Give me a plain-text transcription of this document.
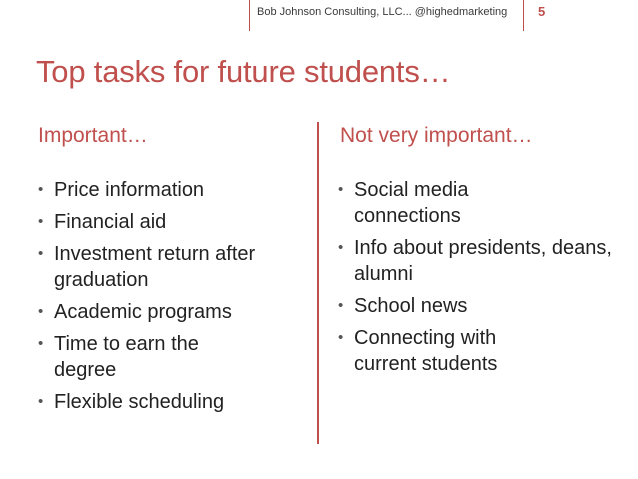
Bob Johnson Consulting, LLC... @highedmarketing 5
Top tasks for future students…
Important…	Not very important…
• Price information
• Financial aid
• Investment return after graduation
• Academic programs
• Time to earn the degree
• Flexible scheduling
• Social media connections
• Info about presidents, deans, alumni
• School news
• Connecting with current students
